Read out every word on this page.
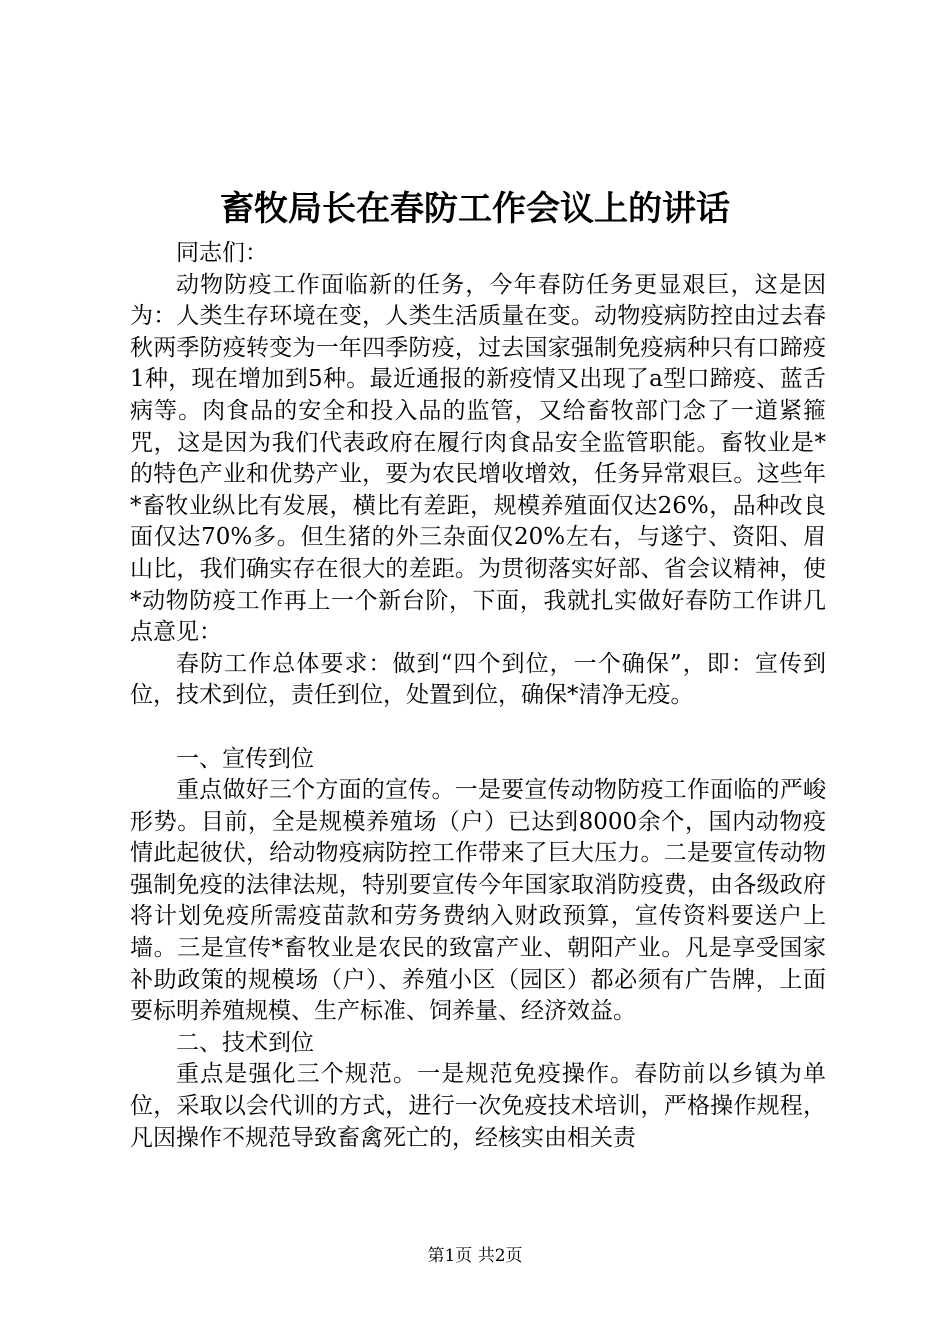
畜牧局长在春防工作会议上的讲话

同志们：

动物防疫工作面临新的任务，今年春防任务更显艰巨，这是因为：人类生存环境在变，人类生活质量在变。动物疫病防控由过去春秋两季防疫转变为一年四季防疫，过去国家强制免疫病种只有口蹄疫1种，现在增加到5种。最近通报的新疫情又出现了a型口蹄疫、蓝舌病等。肉食品的安全和投入品的监管，又给畜牧部门念了一道紧箍咒，这是因为我们代表政府在履行肉食品安全监管职能。畜牧业是*的特色产业和优势产业，要为农民增收增效，任务异常艰巨。这些年*畜牧业纵比有发展，横比有差距，规模养殖面仅达26%，品种改良面仅达70%多。但生猪的外三杂面仅20%左右，与遂宁、资阳、眉山比，我们确实存在很大的差距。为贯彻落实好部、省会议精神，使*动物防疫工作再上一个新台阶，下面，我就扎实做好春防工作讲几点意见：

春防工作总体要求：做到“四个到位，一个确保”，即：宣传到位，技术到位，责任到位，处置到位，确保*清净无疫。

一、宣传到位

重点做好三个方面的宣传。一是要宣传动物防疫工作面临的严峻形势。目前，全是规模养殖场（户）已达到8000余个，国内动物疫情此起彼伏，给动物疫病防控工作带来了巨大压力。二是要宣传动物强制免疫的法律法规，特别要宣传今年国家取消防疫费，由各级政府将计划免疫所需疫苗款和劳务费纳入财政预算，宣传资料要送户上墙。三是宣传*畜牧业是农民的致富产业、朝阳产业。凡是享受国家补助政策的规模场（户）、养殖小区（园区）都必须有广告牌，上面要标明养殖规模、生产标准、饲养量、经济效益。

二、技术到位

重点是强化三个规范。一是规范免疫操作。春防前以乡镇为单位，采取以会代训的方式，进行一次免疫技术培训，严格操作规程，凡因操作不规范导致畜禽死亡的，经核实由相关责

第1页 共2页
